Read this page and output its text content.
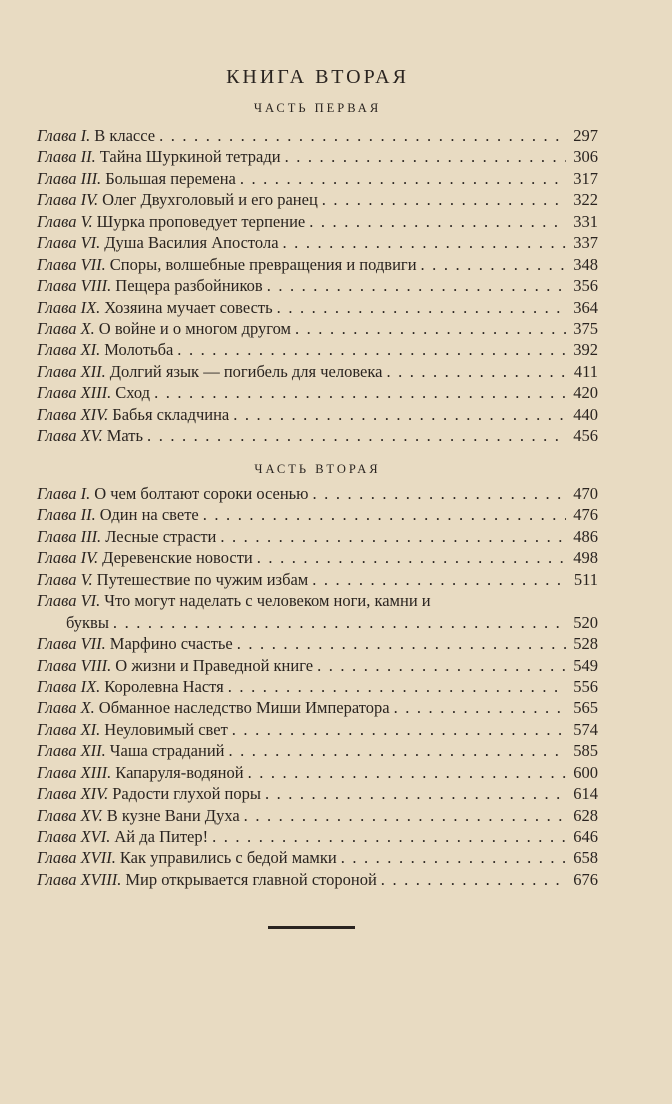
КНИГА ВТОРАЯ
ЧАСТЬ ПЕРВАЯ
Глава I. В классе . . .	297
Глава II. Тайна Шуркиной тетради . . .	306
Глава III. Большая перемена . . .	317
Глава IV. Олег Двухголовый и его ранец . . .	322
Глава V. Шурка проповедует терпение . . .	331
Глава VI. Душа Василия Апостола . . .	337
Глава VII. Споры, волшебные превращения и подвиги . . .	348
Глава VIII. Пещера разбойников . . .	356
Глава IX. Хозяина мучает совесть . . .	364
Глава X. О войне и о многом другом . . .	375
Глава XI. Молотьба . . .	392
Глава XII. Долгий язык — погибель для человека . . .	411
Глава XIII. Сход . . .	420
Глава XIV. Бабья складчина . . .	440
Глава XV. Мать . . .	456
ЧАСТЬ ВТОРАЯ
Глава I. О чем болтают сороки осенью . . .	470
Глава II. Один на свете . . .	476
Глава III. Лесные страсти . . .	486
Глава IV. Деревенские новости . . .	498
Глава V. Путешествие по чужим избам . . .	511
Глава VI. Что могут наделать с человеком ноги, камни и
буквы . . .	520
Глава VII. Марфино счастье . . .	528
Глава VIII. О жизни и Праведной книге . . .	549
Глава IX. Королевна Настя . . .	556
Глава X. Обманное наследство Миши Императора . . .	565
Глава XI. Неуловимый свет . . .	574
Глава XII. Чаша страданий . . .	585
Глава XIII. Капаруля-водяной . . .	600
Глава XIV. Радости глухой поры . . .	614
Глава XV. В кузне Вани Духа . . .	628
Глава XVI. Ай да Питер! . . .	646
Глава XVII. Как управились с бедой мамки . . .	658
Глава XVIII. Мир открывается главной стороной . . .	676
